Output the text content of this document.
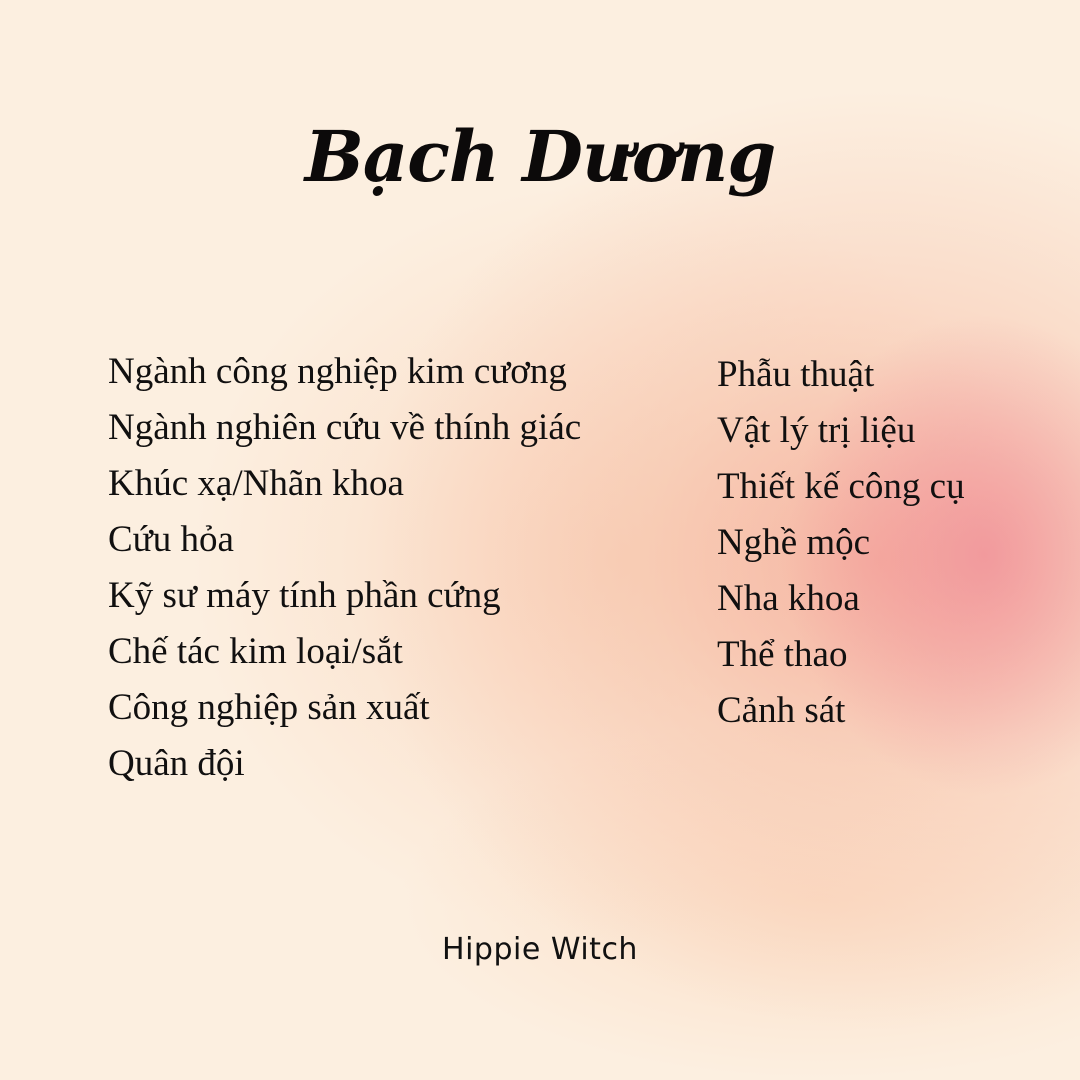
Bạch Dương
Ngành công nghiệp kim cương
Ngành nghiên cứu về thính giác
Khúc xạ/Nhãn khoa
Cứu hỏa
Kỹ sư máy tính phần cứng
Chế tác kim loại/sắt
Công nghiệp sản xuất
Quân đội
Phẫu thuật
Vật lý trị liệu
Thiết kế công cụ
Nghề mộc
Nha khoa
Thể thao
Cảnh sát
Hippie Witch
